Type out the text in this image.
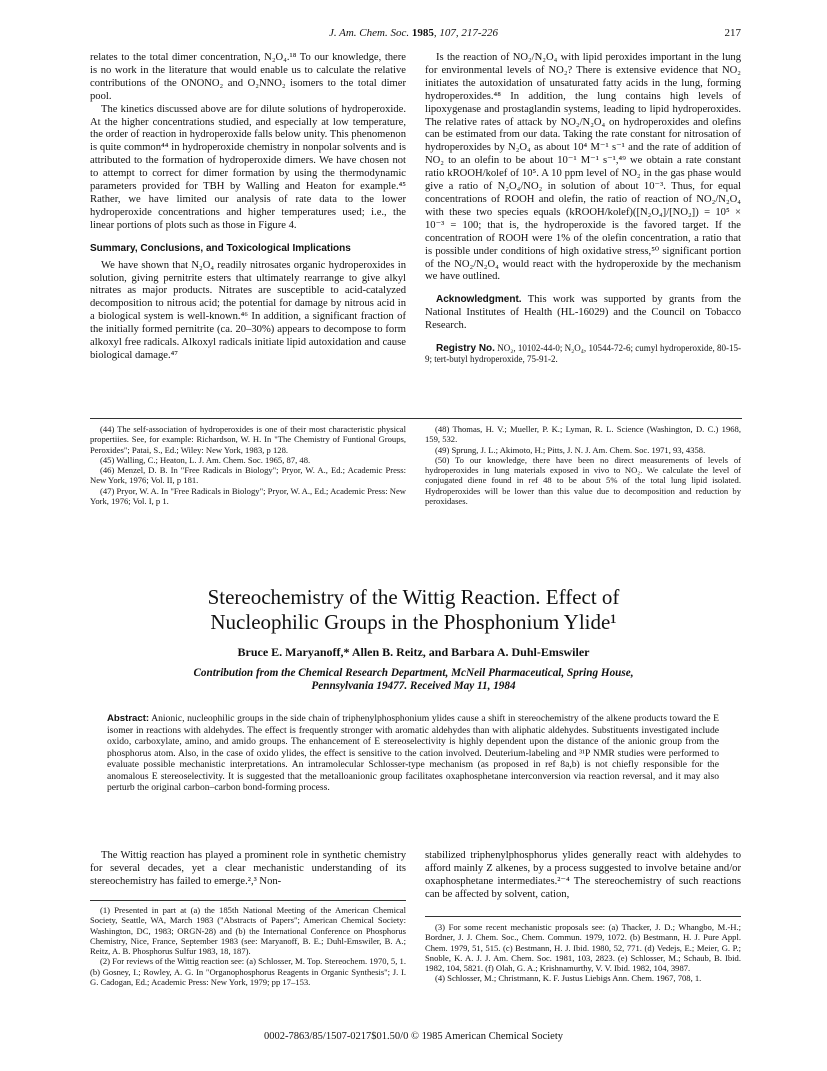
J. Am. Chem. Soc. 1985, 107, 217-226	217

relates to the total dimer concentration, N₂O₄.¹⁸ To our knowledge, there is no work in the literature that would enable us to calculate the relative contributions of the ONONO₂ and O₂NNO₂ isomers to the total dimer pool.

The kinetics discussed above are for dilute solutions of hydroperoxide. At the higher concentrations studied, and especially at low temperature, the order of reaction in hydroperoxide falls below unity. This phenomenon is quite common⁴⁴ in hydroperoxide chemistry in nonpolar solvents and is attributed to the formation of hydroperoxide dimers. We have chosen not to attempt to correct for dimer formation by using the thermodynamic parameters provided for TBH by Walling and Heaton for example.⁴⁵ Rather, we have limited our analysis of rate data to the lower hydroperoxide concentrations and higher temperatures used; i.e., the linear portions of plots such as those in Figure 4.

Summary, Conclusions, and Toxicological Implications

We have shown that N₂O₄ readily nitrosates organic hydroperoxides in solution, giving pernitrite esters that ultimately rearrange to give alkyl nitrates as major products. Nitrates are susceptible to acid-catalyzed decomposition to nitrous acid; the potential for damage by nitrous acid in a biological system is well-known.⁴⁶ In addition, a significant fraction of the initially formed pernitrite (ca. 20–30%) appears to decompose to form alkoxyl free radicals. Alkoxyl radicals initiate lipid autoxidation and cause biological damage.⁴⁷

Is the reaction of NO₂/N₂O₄ with lipid peroxides important in the lung for environmental levels of NO₂? There is extensive evidence that NO₂ initiates the autoxidation of unsaturated fatty acids in the lung, forming hydroperoxides.⁴⁸ In addition, the lung contains high levels of lipoxygenase and prostaglandin systems, leading to lipid hydroperoxides. The relative rates of attack by NO₂/N₂O₄ on hydroperoxides and olefins can be estimated from our data. Taking the rate constant for nitrosation of hydroperoxides by N₂O₄ as about 10⁴ M⁻¹ s⁻¹ and the rate of addition of NO₂ to an olefin to be about 10⁻¹ M⁻¹ s⁻¹,⁴⁹ we obtain a rate constant ratio kROOH/kolef of 10⁵. A 10 ppm level of NO₂ in the gas phase would give a ratio of N₂O₄/NO₂ in solution of about 10⁻³. Thus, for equal concentrations of ROOH and olefin, the ratio of reaction of NO₂/N₂O₄ with these two species equals (kROOH/kolef)([N₂O₄]/[NO₂]) = 10⁵ × 10⁻³ = 100; that is, the hydroperoxide is the favored target. If the concentration of ROOH were 1% of the olefin concentration, a ratio that is possible under conditions of high oxidative stress,⁵⁰ significant portion of the NO₂/N₂O₄ would react with the hydroperoxide by the mechanism we have outlined.

Acknowledgment. This work was supported by grants from the National Institutes of Health (HL-16029) and the Council on Tobacco Research.

Registry No. NO₂, 10102-44-0; N₂O₄, 10544-72-6; cumyl hydroperoxide, 80-15-9; tert-butyl hydroperoxide, 75-91-2.

(44) The self-association of hydroperoxides is one of their most characteristic physical propertiies. See, for example: Richardson, W. H. In "The Chemistry of Funtional Groups, Peroxides"; Patai, S., Ed.; Wiley: New York, 1983, p 128.

(45) Walling, C.; Heaton, L. J. Am. Chem. Soc. 1965, 87, 48.

(46) Menzel, D. B. In "Free Radicals in Biology"; Pryor, W. A., Ed.; Academic Press: New York, 1976; Vol. II, p 181.

(47) Pryor, W. A. In "Free Radicals in Biology"; Pryor, W. A., Ed.; Academic Press: New York, 1976; Vol. I, p 1.

(48) Thomas, H. V.; Mueller, P. K.; Lyman, R. L. Science (Washington, D. C.) 1968, 159, 532.

(49) Sprung, J. L.; Akimoto, H.; Pitts, J. N. J. Am. Chem. Soc. 1971, 93, 4358.

(50) To our knowledge, there have been no direct measurements of levels of hydroperoxides in lung materials exposed in vivo to NO₂. We calculate the level of conjugated diene found in ref 48 to be about 5% of the total lung lipid isolated. Hydroperoxides will be lower than this value due to decomposition and reduction by peroxidases.

Stereochemistry of the Wittig Reaction. Effect of
Nucleophilic Groups in the Phosphonium Ylide¹
Bruce E. Maryanoff,* Allen B. Reitz, and Barbara A. Duhl-Emswiler
Contribution from the Chemical Research Department, McNeil Pharmaceutical, Spring House,
Pennsylvania 19477. Received May 11, 1984
Abstract: Anionic, nucleophilic groups in the side chain of triphenylphosphonium ylides cause a shift in stereochemistry of the alkene products toward the E isomer in reactions with aldehydes. The effect is frequently stronger with aromatic aldehydes than with aliphatic aldehydes. Substituents investigated include oxido, carboxylate, amino, and amido groups. The enhancement of E stereoselectivity is highly dependent upon the distance of the anionic group from the phosphorus atom. Also, in the case of oxido ylides, the effect is sensitive to the cation involved. Deuterium-labeling and ³¹P NMR studies were performed to evaluate possible mechanistic interpretations. An intramolecular Schlosser-type mechanism (as proposed in ref 8a,b) is not chiefly responsible for the anomalous E stereoselectivity. It is suggested that the metalloanionic group facilitates oxaphosphetane interconversion via reaction reversal, and it may also perturb the original carbon–carbon bond-forming process.

The Wittig reaction has played a prominent role in synthetic chemistry for several decades, yet a clear mechanistic understanding of its stereochemistry has failed to emerge.²,³ Non-

stabilized triphenylphosphorus ylides generally react with aldehydes to afford mainly Z alkenes, by a process suggested to involve betaine and/or oxaphosphetane intermediates.²⁻⁴ The stereochemistry of such reactions can be affected by solvent, cation,

(1) Presented in part at (a) the 185th National Meeting of the American Chemical Society, Seattle, WA, March 1983 ("Abstracts of Papers"; American Chemical Society: Washington, DC, 1983; ORGN-28) and (b) the International Conference on Phosphorus Chemistry, Nice, France, September 1983 (see: Maryanoff, B. E.; Duhl-Emswiler, B. A.; Reitz, A. B. Phosphorus Sulfur 1983, 18, 187).

(2) For reviews of the Wittig reaction see: (a) Schlosser, M. Top. Stereochem. 1970, 5, 1. (b) Gosney, I.; Rowley, A. G. In "Organophosphorus Reagents in Organic Synthesis"; J. I. G. Cadogan, Ed.; Academic Press: New York, 1979; pp 17–153.

(3) For some recent mechanistic proposals see: (a) Thacker, J. D.; Whangbo, M.-H.; Bordner, J. J. Chem. Soc., Chem. Commun. 1979, 1072. (b) Bestmann, H. J. Pure Appl. Chem. 1979, 51, 515. (c) Bestmann, H. J. Ibid. 1980, 52, 771. (d) Vedejs, E.; Meier, G. P.; Snoble, K. A. J. J. Am. Chem. Soc. 1981, 103, 2823. (e) Schlosser, M.; Schaub, B. Ibid. 1982, 104, 5821. (f) Olah, G. A.; Krishnamurthy, V. V. Ibid. 1982, 104, 3987.

(4) Schlosser, M.; Christmann, K. F. Justus Liebigs Ann. Chem. 1967, 708, 1.

0002-7863/85/1507-0217$01.50/0 © 1985 American Chemical Society
